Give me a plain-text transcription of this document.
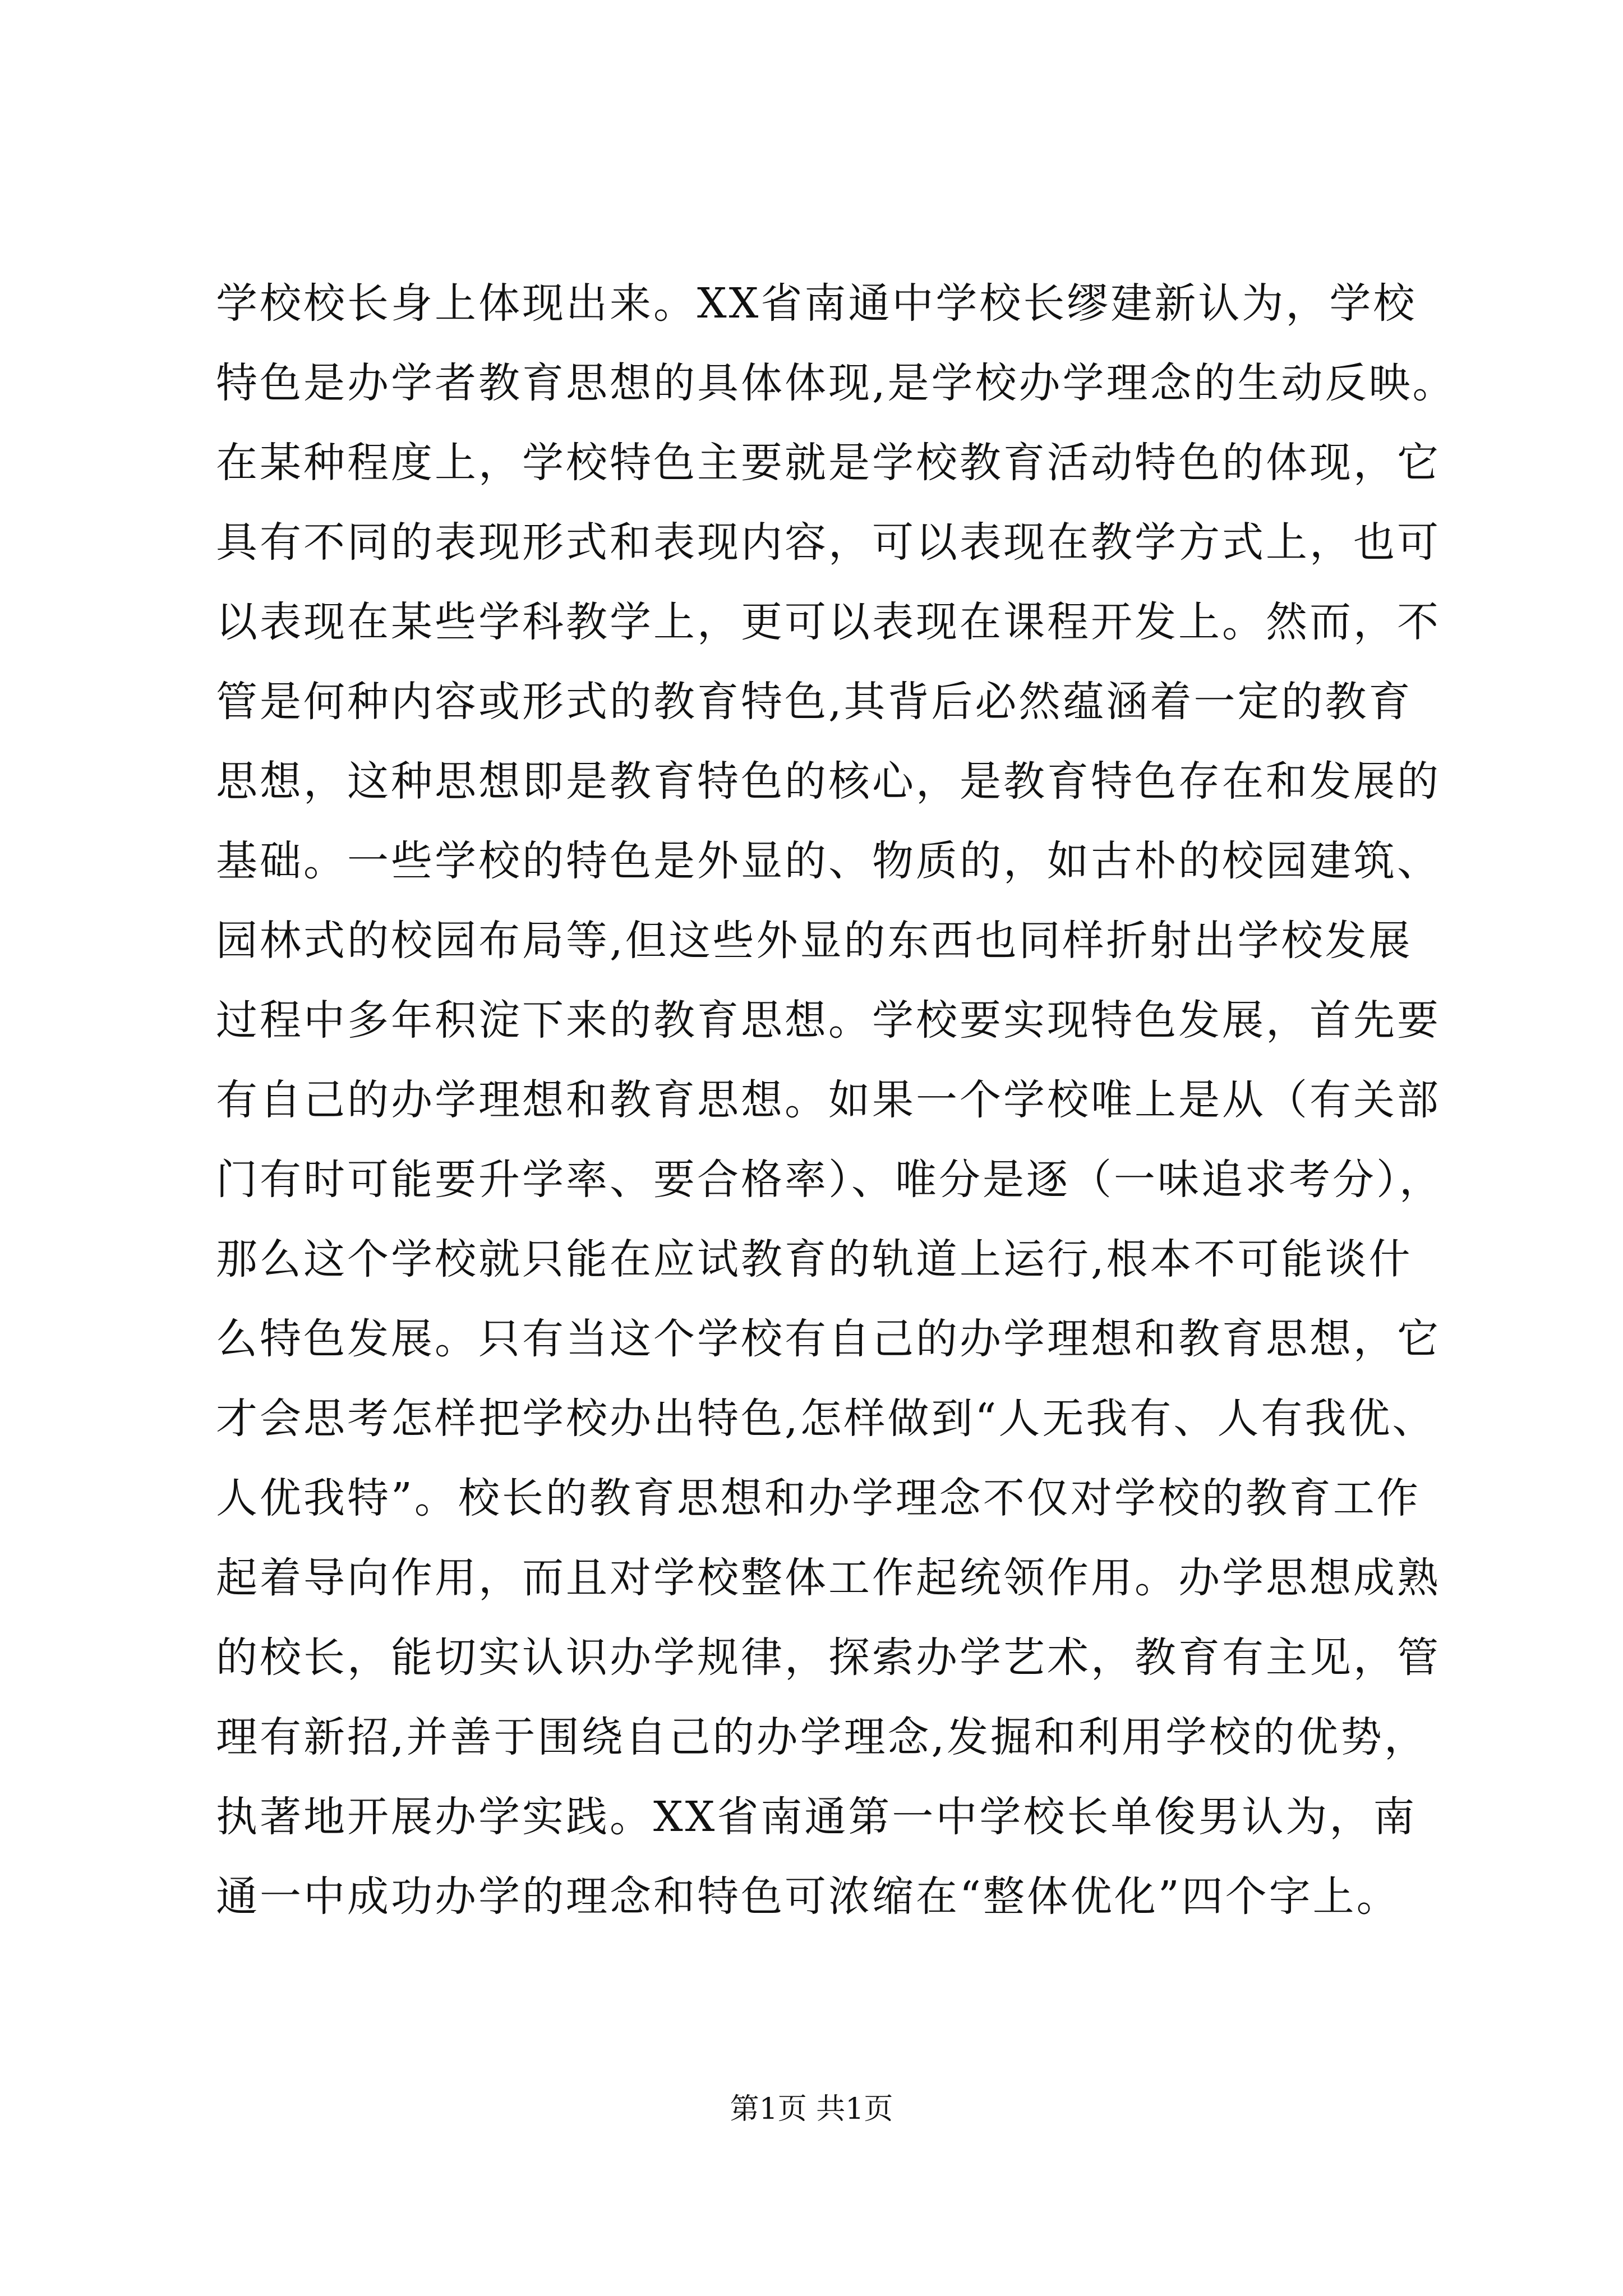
学校校长身上体现出来。XX省南通中学校长缪建新认为，学校
特色是办学者教育思想的具体体现,是学校办学理念的生动反映。
在某种程度上，学校特色主要就是学校教育活动特色的体现，它
具有不同的表现形式和表现内容，可以表现在教学方式上，也可
以表现在某些学科教学上，更可以表现在课程开发上。然而，不
管是何种内容或形式的教育特色,其背后必然蕴涵着一定的教育
思想，这种思想即是教育特色的核心，是教育特色存在和发展的
基础。一些学校的特色是外显的、物质的，如古朴的校园建筑、
园林式的校园布局等,但这些外显的东西也同样折射出学校发展
过程中多年积淀下来的教育思想。学校要实现特色发展，首先要
有自己的办学理想和教育思想。如果一个学校唯上是从（有关部
门有时可能要升学率、要合格率）、唯分是逐（一味追求考分），
那么这个学校就只能在应试教育的轨道上运行,根本不可能谈什
么特色发展。只有当这个学校有自己的办学理想和教育思想，它
才会思考怎样把学校办出特色,怎样做到“人无我有、人有我优、
人优我特”。校长的教育思想和办学理念不仅对学校的教育工作
起着导向作用，而且对学校整体工作起统领作用。办学思想成熟
的校长，能切实认识办学规律，探索办学艺术，教育有主见，管
理有新招,并善于围绕自己的办学理念,发掘和利用学校的优势，
执著地开展办学实践。XX省南通第一中学校长单俊男认为，南
通一中成功办学的理念和特色可浓缩在“整体优化”四个字上。
第1页 共1页
